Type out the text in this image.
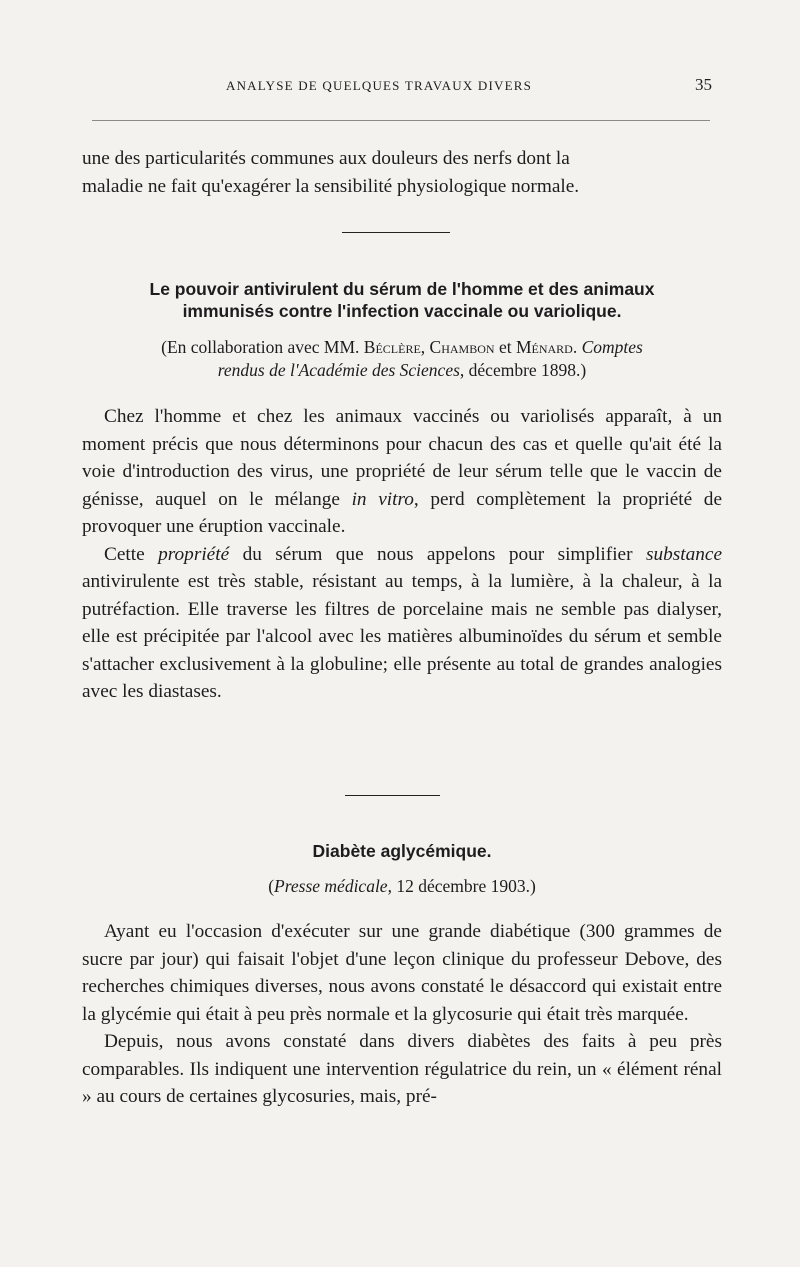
ANALYSE DE QUELQUES TRAVAUX DIVERS	35

une des particularités communes aux douleurs des nerfs dont la

maladie ne fait qu'exagérer la sensibilité physiologique normale.

Le pouvoir antivirulent du sérum de l'homme et des animaux
immunisés contre l'infection vaccinale ou variolique.
(En collaboration avec MM. Béclère, Chambon et Ménard. Comptes
rendus de l'Académie des Sciences, décembre 1898.)

Chez l'homme et chez les animaux vaccinés ou variolisés apparaît, à un moment précis que nous déterminons pour chacun des cas et quelle qu'ait été la voie d'introduction des virus, une propriété de leur sérum telle que le vaccin de génisse, auquel on le mélange in vitro, perd complètement la propriété de provoquer une éruption vaccinale.

Cette propriété du sérum que nous appelons pour simplifier substance antivirulente est très stable, résistant au temps, à la lumière, à la chaleur, à la putréfaction. Elle traverse les filtres de porcelaine mais ne semble pas dialyser, elle est précipitée par l'alcool avec les matières albuminoïdes du sérum et semble s'attacher exclusivement à la globuline; elle présente au total de grandes analogies avec les diastases.

Diabète aglycémique.
(Presse médicale, 12 décembre 1903.)

Ayant eu l'occasion d'exécuter sur une grande diabétique (300 grammes de sucre par jour) qui faisait l'objet d'une leçon clinique du professeur Debove, des recherches chimiques diverses, nous avons constaté le désaccord qui existait entre la glycémie qui était à peu près normale et la glycosurie qui était très marquée.

Depuis, nous avons constaté dans divers diabètes des faits à peu près comparables. Ils indiquent une intervention régulatrice du rein, un « élément rénal » au cours de certaines glycosuries, mais, pré-
